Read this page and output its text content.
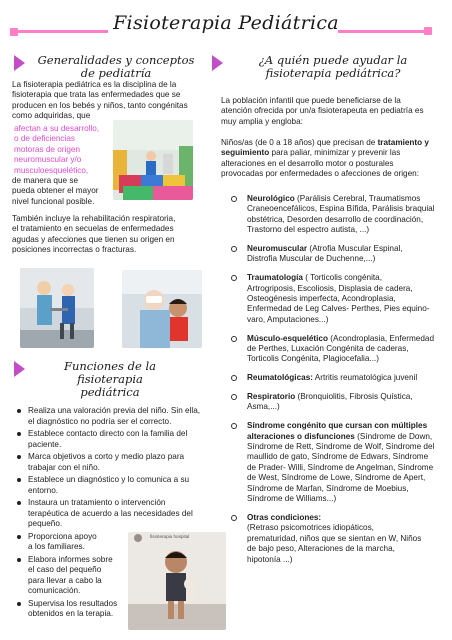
Fisioterapia Pediátrica
Generalidades y conceptos de pediatría
La fisioterapia pediátrica es la disciplina de la
fisioterapia que trata las enfermedades que se
producen en los bebés y niños, tanto congénitas
como adquiridas, que
afectan a su desarrollo,
o de deficiencias
motoras de origen
neuromuscular y/o
musculoesquelético,
de manera que se
pueda obtener el mayor
nivel funcional posible.
También incluye la rehabilitación respiratoria,
el tratamiento en secuelas de enfermedades
agudas y afecciones que tienen su origen en
posiciones incorrectas o fracturas.
Funciones de la fisioterapia pediátrica
Realiza una valoración previa del niño. Sin ella,
el diagnóstico no podría ser el correcto.
Establece contacto directo con la familia del
paciente.
Marca objetivos a corto y medio plazo para
trabajar con el niño.
Establece un diagnóstico y lo comunica a su
entorno.
Instaura un tratamiento o intervención
terapéutica de acuerdo a las necesidades del
pequeño.
Proporciona apoyo
a los familiares.
Elabora informes sobre
el caso del pequeño
para llevar a cabo la
comunicación.
Supervisa los resultados
obtenidos en la terapia.
fisioterapia hospital
¿A quién puede ayudar la fisioterapia pediátrica?
La población infantil que puede beneficiarse de la
atención ofrecida por un/a fisioterapeuta en pediatría es
muy amplia y engloba:
Niños/as (de 0 a 18 años) que precisan de tratamiento y
seguimiento para paliar, minimizar y prevenir las
alteraciones en el desarrollo motor o posturales
provocadas por enfermedades o afecciones de origen:
Neurológico (Parálisis Cerebral, Traumatismos
Craneoencefálicos, Espina Bífida, Parálisis braquial
obstétrica, Desorden desarrollo de coordinación,
Trastorno del espectro autista, ...)
Neuromuscular (Atrofia Muscular Espinal,
Distrofia Muscular de Duchenne,...)
Traumatología ( Torticolis congénita,
Artrogriposis, Escoliosis, Displasia de cadera,
Osteogénesis imperfecta, Acondroplasia,
Enfermedad de Leg Calves- Perthes, Pies equino-
varo, Amputaciones...)
Músculo-esquelético (Acondroplasia, Enfermedad
de Perthes, Luxación Congénita de caderas,
Torticolis Congénita, Plagiocefalia...)
Reumatológicas: Artritis reumatológica juvenil
Respiratorio (Bronquiolitis, Fibrosis Quística,
Asma,...)
Síndrome congénito que cursan con múltiples
alteraciones o disfunciones (Síndrome de Down,
Síndrome de Rett, Síndrome de Wolf, Síndrome del
maullido de gato, Síndrome de Edwars, Síndrome
de Prader- Willi, Síndrome de Angelman, Síndrome
de West, Síndrome de Lowe, Síndrome de Apert,
Síndrome de Marfan, Síndrome de Moebius,
Síndrome de Williams...)
Otras condiciones:
(Retraso psicomotrices idiopáticos,
prematuridad, niños que se sientan en W, Niños
de bajo peso, Alteraciones de la marcha,
hipotonía ...)
